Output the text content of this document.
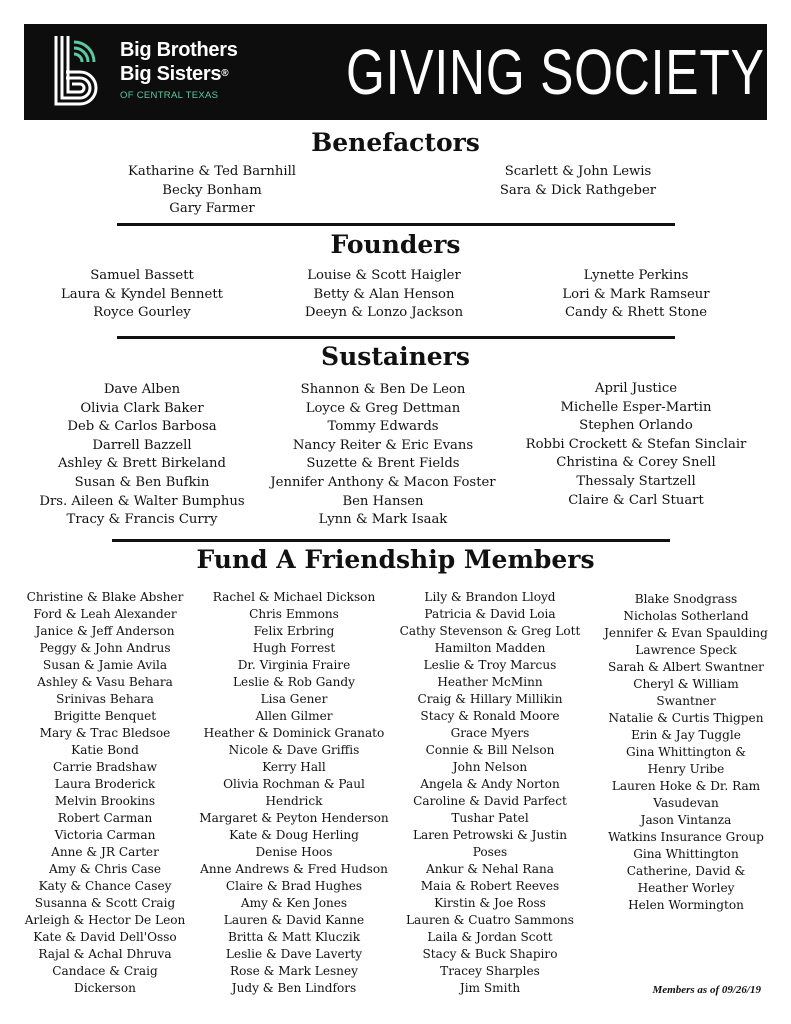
Big Brothers
Big Sisters®
OF CENTRAL TEXAS	GIVING SOCIETY
Benefactors
Katharine & Ted Barnhill
Becky Bonham
Gary Farmer
Scarlett & John Lewis
Sara & Dick Rathgeber
Founders
Samuel Bassett
Laura & Kyndel Bennett
Royce Gourley
Louise & Scott Haigler
Betty & Alan Henson
Deeyn & Lonzo Jackson
Lynette Perkins
Lori & Mark Ramseur
Candy & Rhett Stone
Sustainers
Dave Alben
Olivia Clark Baker
Deb & Carlos Barbosa
Darrell Bazzell
Ashley & Brett Birkeland
Susan & Ben Bufkin
Drs. Aileen & Walter Bumphus
Tracy & Francis Curry
Shannon & Ben De Leon
Loyce & Greg Dettman
Tommy Edwards
Nancy Reiter & Eric Evans
Suzette & Brent Fields
Jennifer Anthony & Macon Foster
Ben Hansen
Lynn & Mark Isaak
April Justice
Michelle Esper-Martin
Stephen Orlando
Robbi Crockett & Stefan Sinclair
Christina & Corey Snell
Thessaly Startzell
Claire & Carl Stuart
Fund A Friendship Members
Christine & Blake Absher
Ford & Leah Alexander
Janice & Jeff Anderson
Peggy & John Andrus
Susan & Jamie Avila
Ashley & Vasu Behara
Srinivas Behara
Brigitte Benquet
Mary & Trac Bledsoe
Katie Bond
Carrie Bradshaw
Laura Broderick
Melvin Brookins
Robert Carman
Victoria Carman
Anne & JR Carter
Amy & Chris Case
Katy & Chance Casey
Susanna & Scott Craig
Arleigh & Hector De Leon
Kate & David Dell'Osso
Rajal & Achal Dhruva
Candace & Craig
Dickerson
Rachel & Michael Dickson
Chris Emmons
Felix Erbring
Hugh Forrest
Dr. Virginia Fraire
Leslie & Rob Gandy
Lisa Gener
Allen Gilmer
Heather & Dominick Granato
Nicole & Dave Griffis
Kerry Hall
Olivia Rochman & Paul
Hendrick
Margaret & Peyton Henderson
Kate & Doug Herling
Denise Hoos
Anne Andrews & Fred Hudson
Claire & Brad Hughes
Amy & Ken Jones
Lauren & David Kanne
Britta & Matt Kluczik
Leslie & Dave Laverty
Rose & Mark Lesney
Judy & Ben Lindfors
Lily & Brandon Lloyd
Patricia & David Loia
Cathy Stevenson & Greg Lott
Hamilton Madden
Leslie & Troy Marcus
Heather McMinn
Craig & Hillary Millikin
Stacy & Ronald Moore
Grace Myers
Connie & Bill Nelson
John Nelson
Angela & Andy Norton
Caroline & David Parfect
Tushar Patel
Laren Petrowski & Justin
Poses
Ankur & Nehal Rana
Maia & Robert Reeves
Kirstin & Joe Ross
Lauren & Cuatro Sammons
Laila & Jordan Scott
Stacy & Buck Shapiro
Tracey Sharples
Jim Smith
Blake Snodgrass
Nicholas Sotherland
Jennifer & Evan Spaulding
Lawrence Speck
Sarah & Albert Swantner
Cheryl & William
Swantner
Natalie & Curtis Thigpen
Erin & Jay Tuggle
Gina Whittington &
Henry Uribe
Lauren Hoke & Dr. Ram
Vasudevan
Jason Vintanza
Watkins Insurance Group
Gina Whittington
Catherine, David &
Heather Worley
Helen Wormington
Members as of 09/26/19
